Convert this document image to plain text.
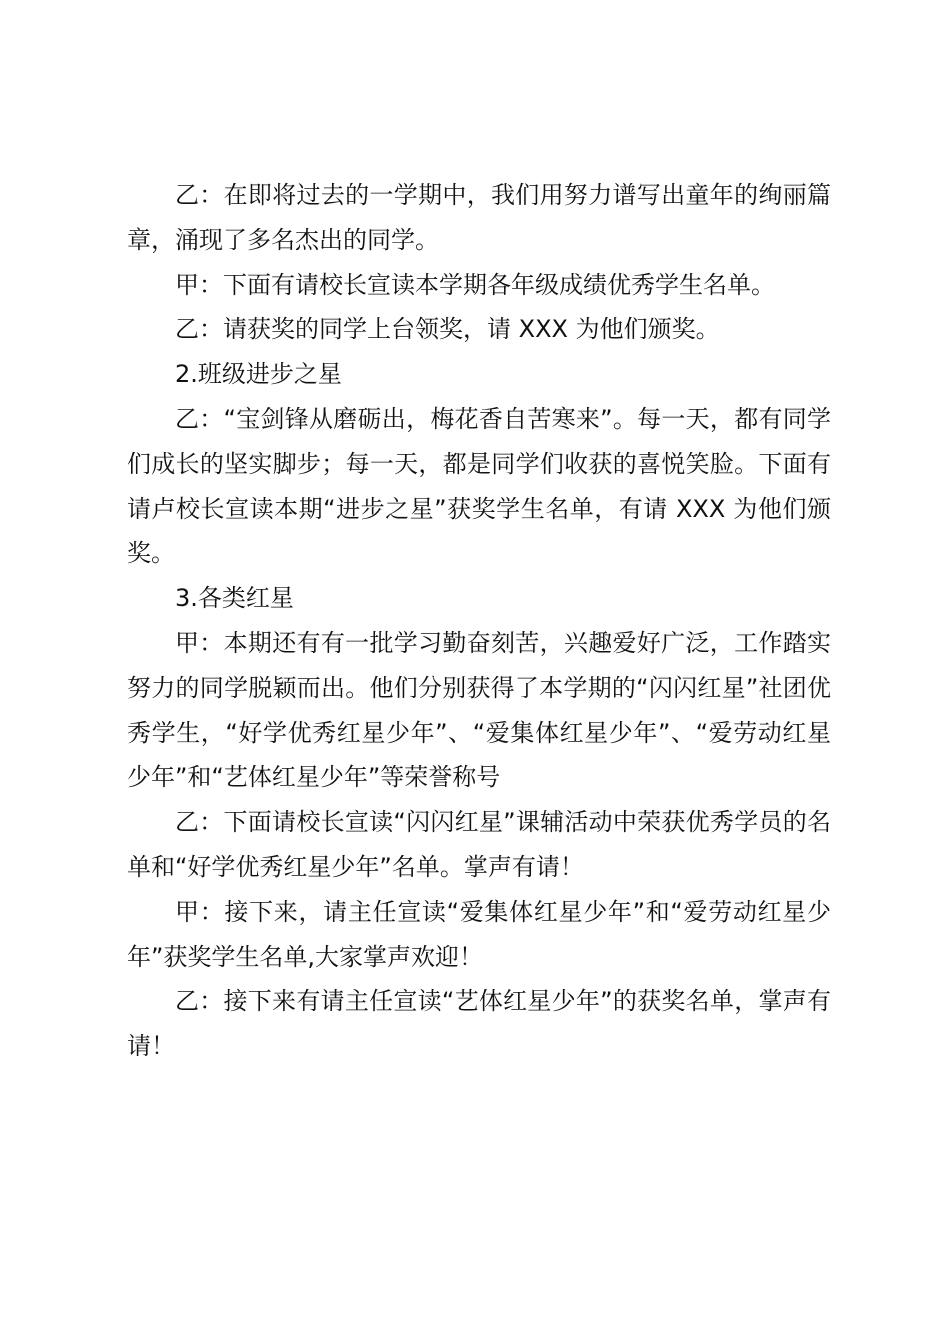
乙：在即将过去的一学期中，我们用努力谱写出童年的绚丽篇章，涌现了多名杰出的同学。

甲：下面有请校长宣读本学期各年级成绩优秀学生名单。

乙：请获奖的同学上台领奖，请 XXX 为他们颁奖。

2.班级进步之星

乙：“宝剑锋从磨砺出，梅花香自苦寒来”。每一天，都有同学们成长的坚实脚步；每一天，都是同学们收获的喜悦笑脸。下面有请卢校长宣读本期“进步之星”获奖学生名单，有请 XXX 为他们颁奖。

3.各类红星

甲：本期还有有一批学习勤奋刻苦，兴趣爱好广泛，工作踏实努力的同学脱颖而出。他们分别获得了本学期的“闪闪红星”社团优秀学生，“好学优秀红星少年”、“爱集体红星少年”、“爱劳动红星少年”和“艺体红星少年”等荣誉称号

乙：下面请校长宣读“闪闪红星”课辅活动中荣获优秀学员的名单和“好学优秀红星少年”名单。掌声有请！

甲：接下来，请主任宣读“爱集体红星少年”和“爱劳动红星少年”获奖学生名单,大家掌声欢迎！

乙：接下来有请主任宣读“艺体红星少年”的获奖名单，掌声有请！
